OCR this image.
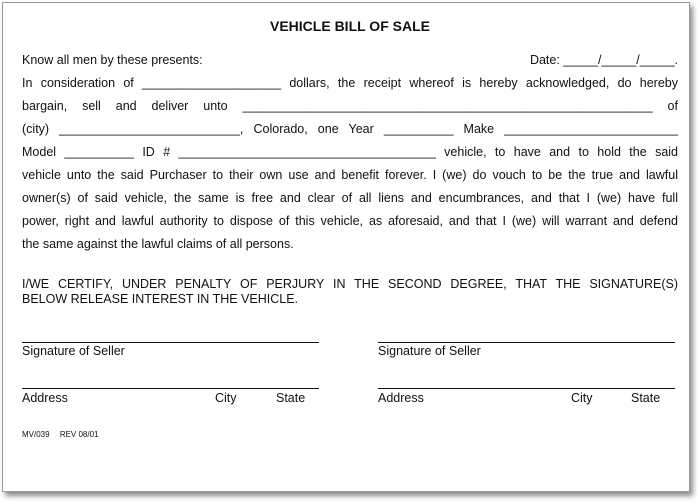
VEHICLE BILL OF SALE
Know all men by these presents:	Date: _____/_____/_____.
In consideration of ____________________ dollars, the receipt whereof is hereby acknowledged, do hereby
bargain, sell and deliver unto ___________________________________________________________ of
(city) __________________________, Colorado, one Year __________ Make _________________________
Model __________ ID # _____________________________________ vehicle, to have and to hold the said
vehicle unto the said Purchaser to their own use and benefit forever. I (we) do vouch to be the true and lawful
owner(s) of said vehicle, the same is free and clear of all liens and encumbrances, and that I (we) have full
power, right and lawful authority to dispose of this vehicle, as aforesaid, and that I (we) will warrant and defend
the same against the lawful claims of all persons.
I/WE CERTIFY, UNDER PENALTY OF PERJURY IN THE SECOND DEGREE, THAT THE SIGNATURE(S)
BELOW RELEASE INTEREST IN THE VEHICLE.
Signature of Seller
Address	City	State
Signature of Seller
Address	City	State
MV/039 REV 08/01
